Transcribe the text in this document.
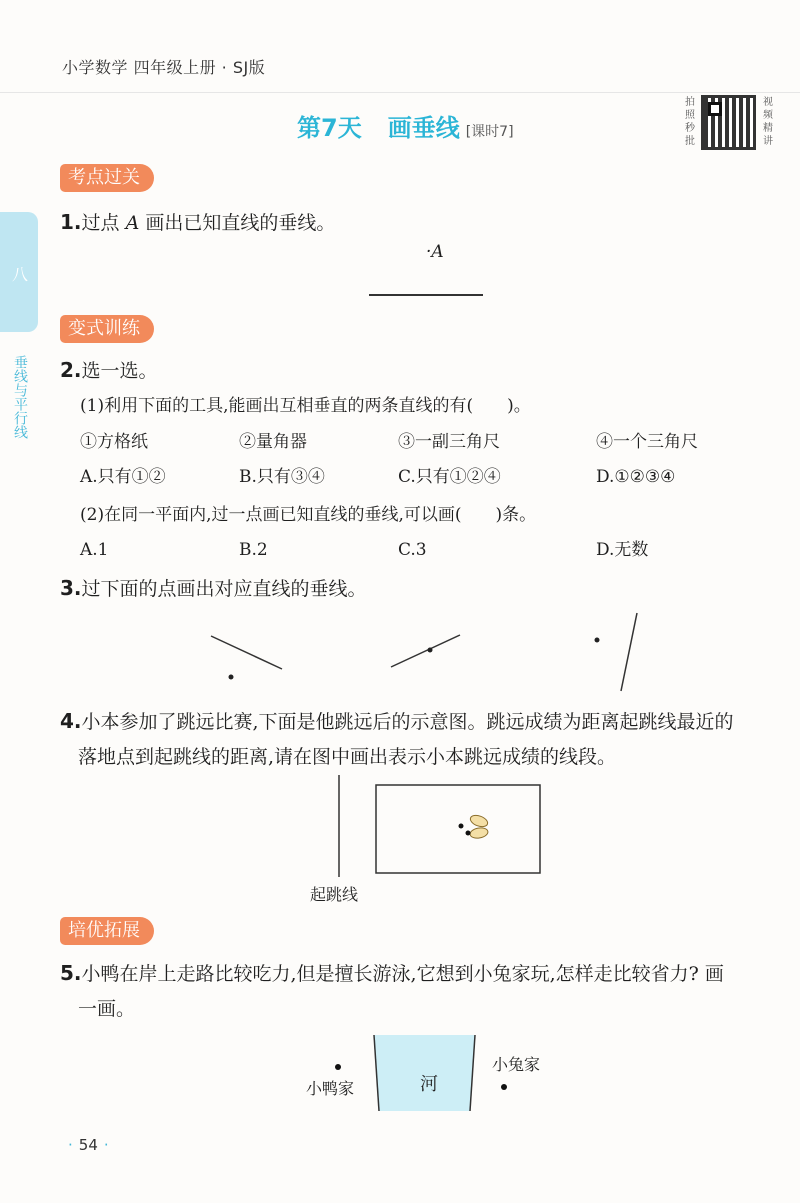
小学数学 四年级上册 · SJ版
第7天 画垂线 [课时7]
拍照秒批
视频精讲
八
垂线与平行线
考点过关
1.过点 A 画出已知直线的垂线。
·A
变式训练
2.选一选。
(1)利用下面的工具,能画出互相垂直的两条直线的有(　　)。
①方格纸	②量角器	③一副三角尺	④一个三角尺
A.只有①②	B.只有③④	C.只有①②④	D.①②③④
(2)在同一平面内,过一点画已知直线的垂线,可以画(　　)条。
A.1	B.2	C.3	D.无数
3.过下面的点画出对应直线的垂线。
4.小本参加了跳远比赛,下面是他跳远后的示意图。跳远成绩为距离起跳线最近的
落地点到起跳线的距离,请在图中画出表示小本跳远成绩的线段。
起跳线
培优拓展
5.小鸭在岸上走路比较吃力,但是擅长游泳,它想到小兔家玩,怎样走比较省力? 画
一画。
河
小鸭家
小兔家
· 54 ·
